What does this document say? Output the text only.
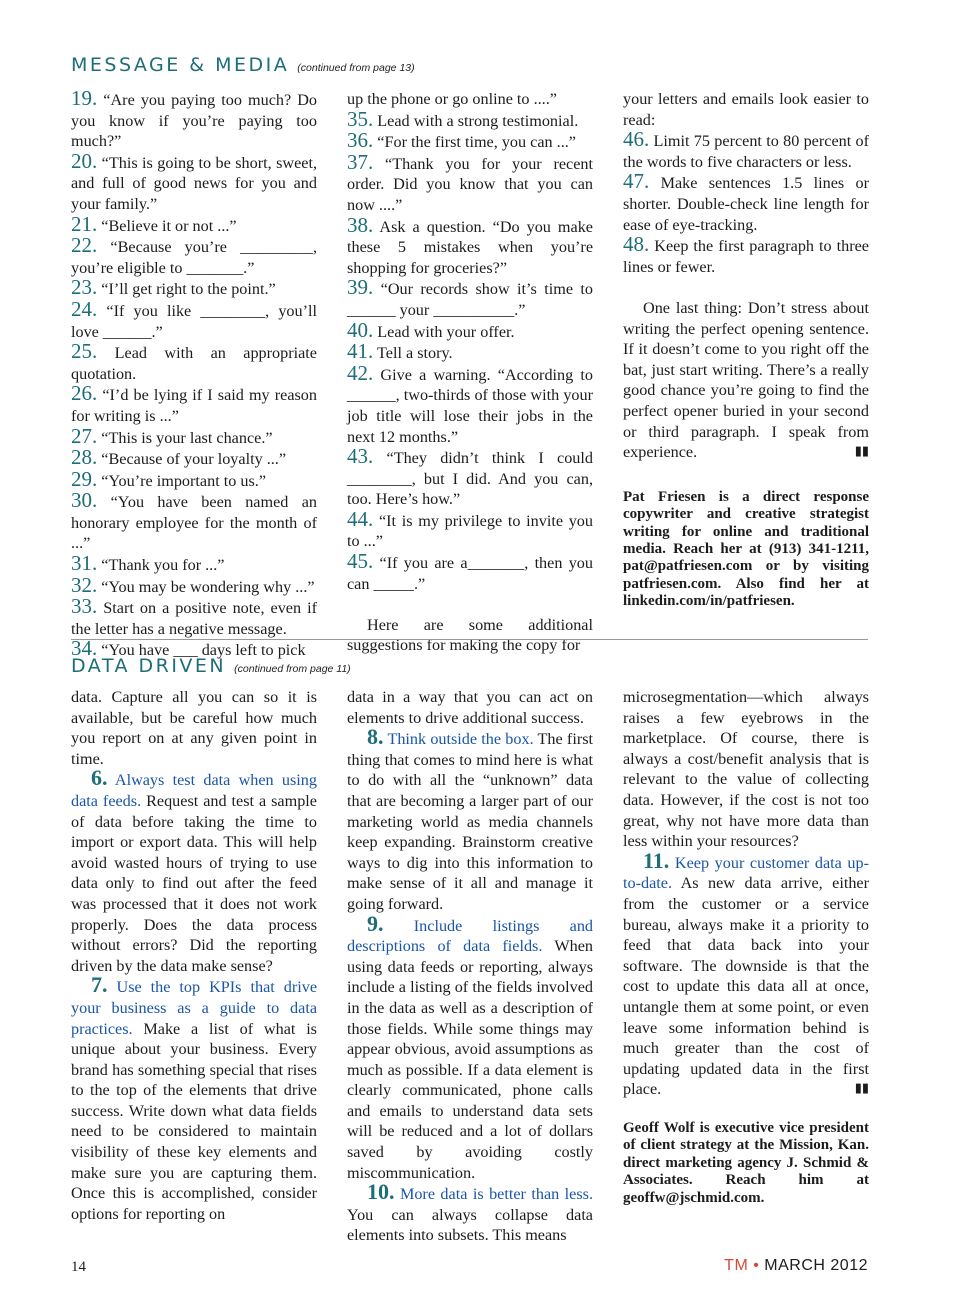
MESSAGE & MEDIA (continued from page 13)

19. “Are you paying too much? Do you know if you’re paying too much?”

20. “This is going to be short, sweet, and full of good news for you and your family.”

21. “Believe it or not ...”

22. “Because you’re _________, you’re eligible to _______.”

23. “I’ll get right to the point.”

24. “If you like ________, you’ll love ______.”

25. Lead with an appropriate quotation.

26. “I’d be lying if I said my reason for writing is ...”

27. “This is your last chance.”

28. “Because of your loyalty ...”

29. “You’re important to us.”

30. “You have been named an honorary employee for the month of ...”

31. “Thank you for ...”

32. “You may be wondering why ...”

33. Start on a positive note, even if the letter has a negative message.

34. “You have ___ days left to pick

up the phone or go online to ....”

35. Lead with a strong testimonial.

36. “For the first time, you can ...”

37. “Thank you for your recent order. Did you know that you can now ....”

38. Ask a question. “Do you make these 5 mistakes when you’re shopping for groceries?”

39. “Our records show it’s time to ______ your __________.”

40. Lead with your offer.

41. Tell a story.

42. Give a warning. “According to ______, two-thirds of those with your job title will lose their jobs in the next 12 months.”

43. “They didn’t think I could ________, but I did. And you can, too. Here’s how.”

44. “It is my privilege to invite you to ...”

45. “If you are a_______, then you can _____.”

Here are some additional suggestions for making the copy for

your letters and emails look easier to read:

46. Limit 75 percent to 80 percent of the words to five characters or less.

47. Make sentences 1.5 lines or shorter. Double-check line length for ease of eye-tracking.

48. Keep the first paragraph to three lines or fewer.

One last thing: Don’t stress about writing the perfect opening sentence. If it doesn’t come to you right off the bat, just start writing. There’s a really good chance you’re going to find the perfect opener buried in your second or third paragraph. I speak from experience.	▮▮

Pat Friesen is a direct response copywriter and creative strategist writing for online and traditional media. Reach her at (913) 341-1211, pat@patfriesen.com or by visiting patfriesen.com. Also find her at linkedin.com/in/patfriesen.

DATA DRIVEN (continued from page 11)

data. Capture all you can so it is available, but be careful how much you report on at any given point in time.

6. Always test data when using data feeds. Request and test a sample of data before taking the time to import or export data. This will help avoid wasted hours of trying to use data only to find out after the feed was processed that it does not work properly. Does the data process without errors? Did the reporting driven by the data make sense?

7. Use the top KPIs that drive your business as a guide to data practices. Make a list of what is unique about your business. Every brand has something special that rises to the top of the elements that drive success. Write down what data fields need to be considered to maintain visibility of these key elements and make sure you are capturing them. Once this is accomplished, consider options for reporting on

data in a way that you can act on elements to drive additional success.

8. Think outside the box. The first thing that comes to mind here is what to do with all the “unknown” data that are becoming a larger part of our marketing world as media channels keep expanding. Brainstorm creative ways to dig into this information to make sense of it all and manage it going forward.

9. Include listings and descriptions of data fields. When using data feeds or reporting, always include a listing of the fields involved in the data as well as a description of those fields. While some things may appear obvious, avoid assumptions as much as possible. If a data element is clearly communicated, phone calls and emails to understand data sets will be reduced and a lot of dollars saved by avoiding costly miscommunication.

10. More data is better than less. You can always collapse data elements into subsets. This means

microsegmentation—which always raises a few eyebrows in the marketplace. Of course, there is always a cost/benefit analysis that is relevant to the value of collecting data. However, if the cost is not too great, why not have more data than less within your resources?

11. Keep your customer data up-to-date. As new data arrive, either from the customer or a service bureau, always make it a priority to feed that data back into your software. The downside is that the cost to update this data all at once, untangle them at some point, or even leave some information behind is much greater than the cost of updating updated data in the first place.	▮▮

Geoff Wolf is executive vice president of client strategy at the Mission, Kan. direct marketing agency J. Schmid & Associates. Reach him at geoffw@jschmid.com.

14	TM • MARCH 2012
